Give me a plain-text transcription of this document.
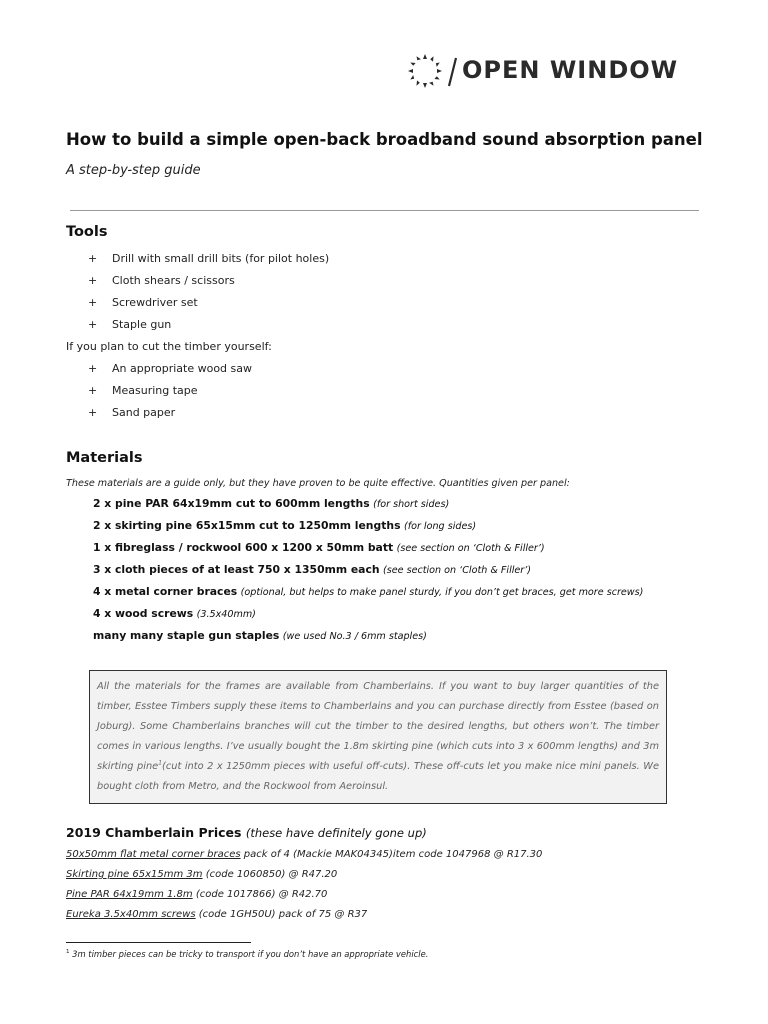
OPEN WINDOW
How to build a simple open-back broadband sound absorption panel
A step-by-step guide
Tools
+	Drill with small drill bits (for pilot holes)
+	Cloth shears / scissors
+	Screwdriver set
+	Staple gun
If you plan to cut the timber yourself:
+	An appropriate wood saw
+	Measuring tape
+	Sand paper
Materials
These materials are a guide only, but they have proven to be quite effective. Quantities given per panel:
2 x pine PAR 64x19mm cut to 600mm lengths (for short sides)
2 x skirting pine 65x15mm cut to 1250mm lengths (for long sides)
1 x fibreglass / rockwool 600 x 1200 x 50mm batt (see section on ‘Cloth & Filler’)
3 x cloth pieces of at least 750 x 1350mm each (see section on ‘Cloth & Filler’)
4 x metal corner braces (optional, but helps to make panel sturdy, if you don’t get braces, get more screws)
4 x wood screws (3.5x40mm)
many many staple gun staples (we used No.3 / 6mm staples)
All the materials for the frames are available from Chamberlains. If you want to buy larger quantities of the timber, Esstee Timbers supply these items to Chamberlains and you can purchase directly from Esstee (based on Joburg). Some Chamberlains branches will cut the timber to the desired lengths, but others won’t. The timber comes in various lengths. I’ve usually bought the 1.8m skirting pine (which cuts into 3 x 600mm lengths) and 3m skirting pine$^1$(cut into 2 x 1250mm pieces with useful off-cuts). These off-cuts let you make nice mini panels. We bought cloth from Metro, and the Rockwool from Aeroinsul.
2019 Chamberlain Prices (these have definitely gone up)
50x50mm flat metal corner braces pack of 4 (Mackie MAK04345)item code 1047968 @ R17.30
Skirting pine 65x15mm 3m (code 1060850) @ R47.20
Pine PAR 64x19mm 1.8m (code 1017866) @ R42.70
Eureka 3.5x40mm screws (code 1GH50U) pack of 75 @ R37
$^1$ 3m timber pieces can be tricky to transport if you don’t have an appropriate vehicle.
